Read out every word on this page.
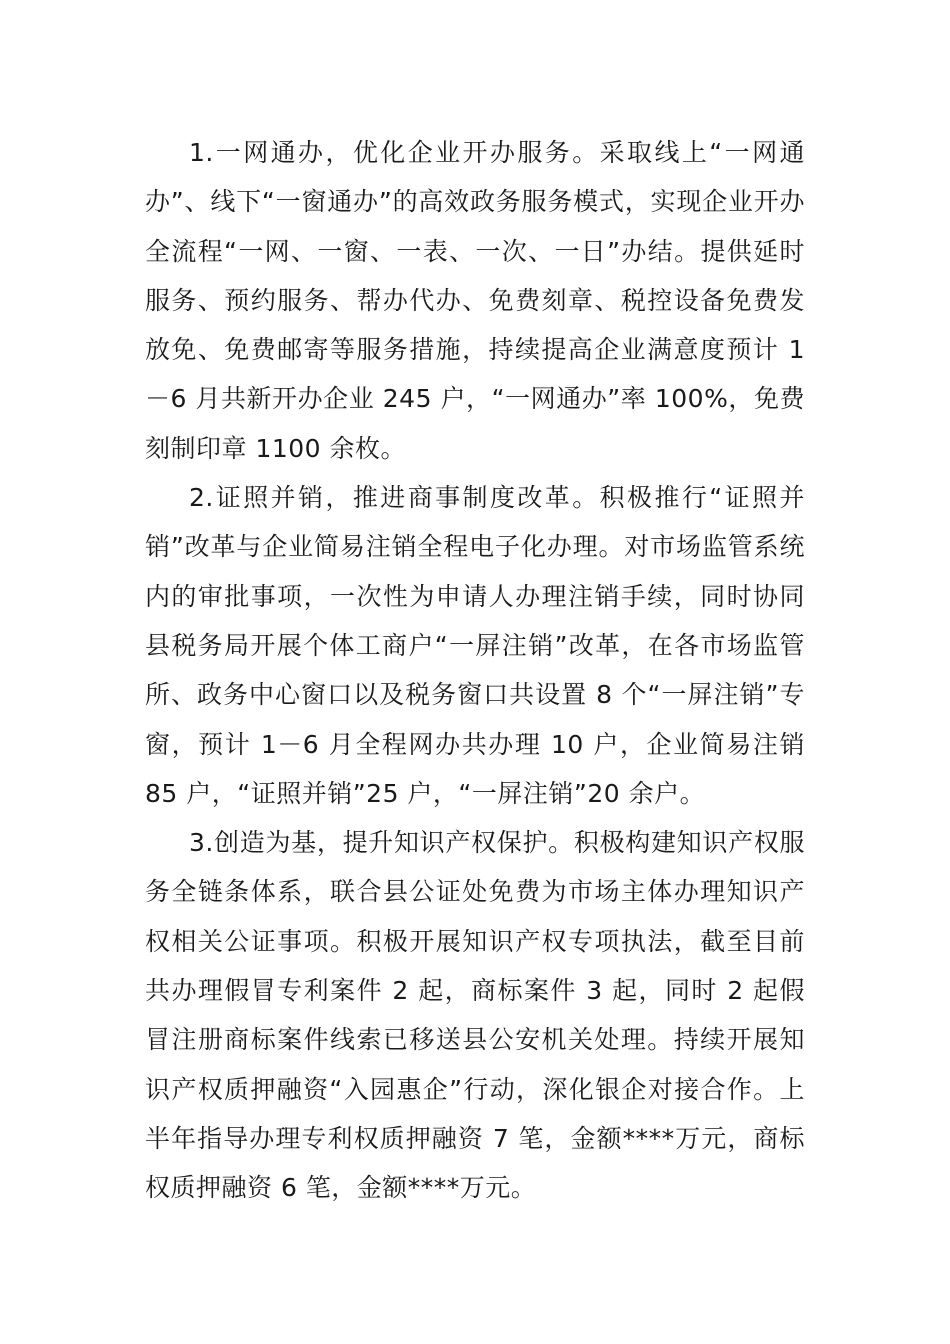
1.一网通办，优化企业开办服务。采取线上“一网通办”、线下“一窗通办”的高效政务服务模式，实现企业开办全流程“一网、一窗、一表、一次、一日”办结。提供延时服务、预约服务、帮办代办、免费刻章、税控设备免费发放免、免费邮寄等服务措施，持续提高企业满意度预计 1－6 月共新开办企业 245 户，“一网通办”率 100%，免费刻制印章 1100 余枚。

2.证照并销，推进商事制度改革。积极推行“证照并销”改革与企业简易注销全程电子化办理。对市场监管系统内的审批事项，一次性为申请人办理注销手续，同时协同县税务局开展个体工商户“一屏注销”改革，在各市场监管所、政务中心窗口以及税务窗口共设置 8 个“一屏注销”专窗，预计 1－6 月全程网办共办理 10 户，企业简易注销 85 户，“证照并销”25 户，“一屏注销”20 余户。

3.创造为基，提升知识产权保护。积极构建知识产权服务全链条体系，联合县公证处免费为市场主体办理知识产权相关公证事项。积极开展知识产权专项执法，截至目前共办理假冒专利案件 2 起，商标案件 3 起，同时 2 起假冒注册商标案件线索已移送县公安机关处理。持续开展知识产权质押融资“入园惠企”行动，深化银企对接合作。上半年指导办理专利权质押融资 7 笔，金额****万元，商标权质押融资 6 笔，金额****万元。
